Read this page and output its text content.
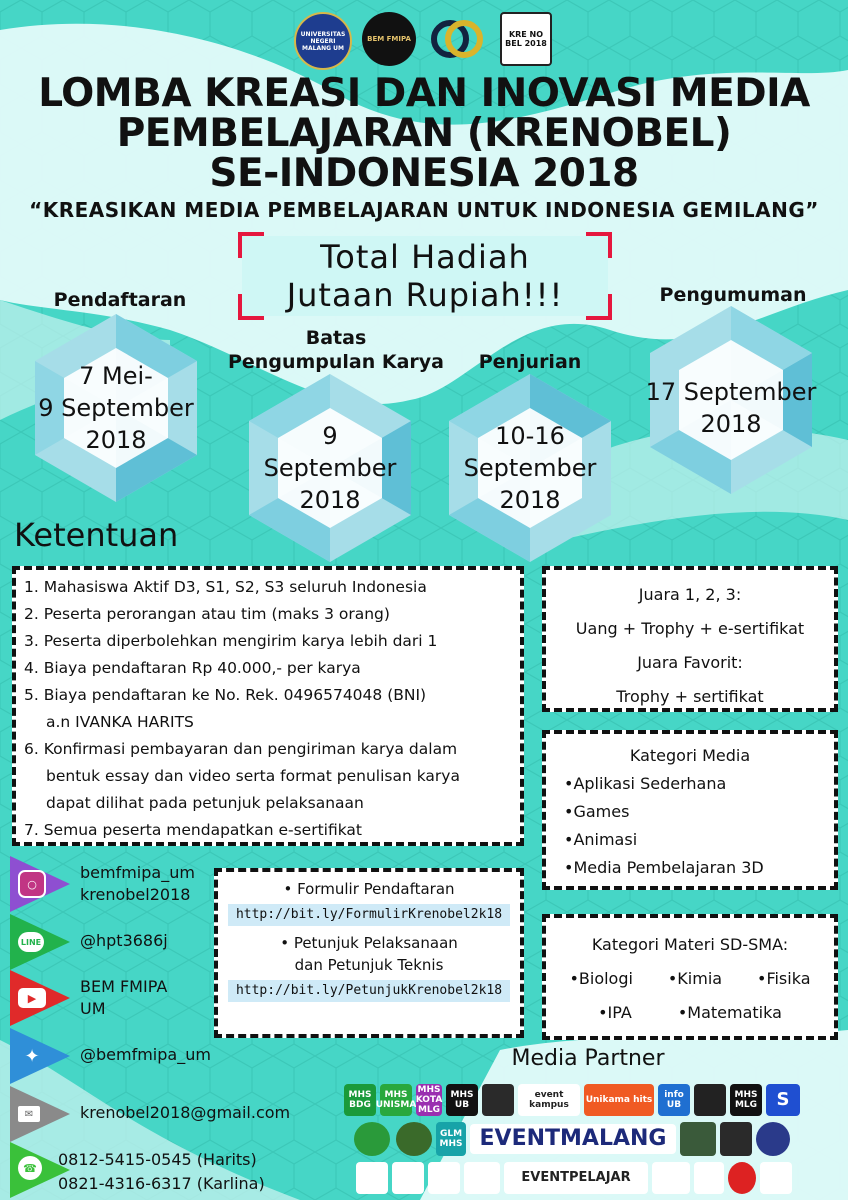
UNIVERSITAS NEGERI MALANG UM
BEM FMIPA	KRE NO BEL 2018
LOMBA KREASI DAN INOVASI MEDIA
PEMBELAJARAN (KRENOBEL)
SE-INDONESIA 2018
“KREASIKAN MEDIA PEMBELAJARAN UNTUK INDONESIA GEMILANG”
Total Hadiah
Jutaan Rupiah!!!
Pendaftaran
Batas
Pengumpulan Karya	Penjurian
Pengumuman
7 Mei-
9 September
2018	9
September
2018
10-16
September
2018
17 September
2018
Ketentuan
1. Mahasiswa Aktif D3, S1, S2, S3 seluruh Indonesia
2. Peserta perorangan atau tim (maks 3 orang)
3. Peserta diperbolehkan mengirim karya lebih dari 1
4. Biaya pendaftaran Rp 40.000,- per karya
5. Biaya pendaftaran ke No. Rek. 0496574048 (BNI)
a.n IVANKA HARITS
6. Konfirmasi pembayaran dan pengiriman karya dalam
bentuk essay dan video serta format penulisan karya
dapat dilihat pada petunjuk pelaksanaan
7. Semua peserta mendapatkan e-sertifikat
Juara 1, 2, 3:
Uang + Trophy + e-sertifikat
Juara Favorit:
Trophy + sertifikat
Kategori Media
•Aplikasi Sederhana
•Games
•Animasi
•Media Pembelajaran 3D
Kategori Materi SD-SMA:
•Biologi •Kimia •Fisika
•IPA	•Matematika
• Formulir Pendaftaran
http://bit.ly/FormulirKrenobel2k18
• Petunjuk Pelaksanaan
dan Petunjuk Teknis
http://bit.ly/PetunjukKrenobel2k18
○
bemfmipa_um
krenobel2018
LINE @hpt3686j
▶
BEM FMIPA
UM
✦	@bemfmipa_um
✉	krenobel2018@gmail.com
☎	0812-5415-0545 (Harits)
0821-4316-6317 (Karlina)
Media Partner
MHS BDG
MHS UNISMA
MHS KOTA MLG
MHS UB
event kampus	Unikama hits	info UB
MHS MLG	S
GLM MHS EVENTMALANG
EVENTPELAJAR
